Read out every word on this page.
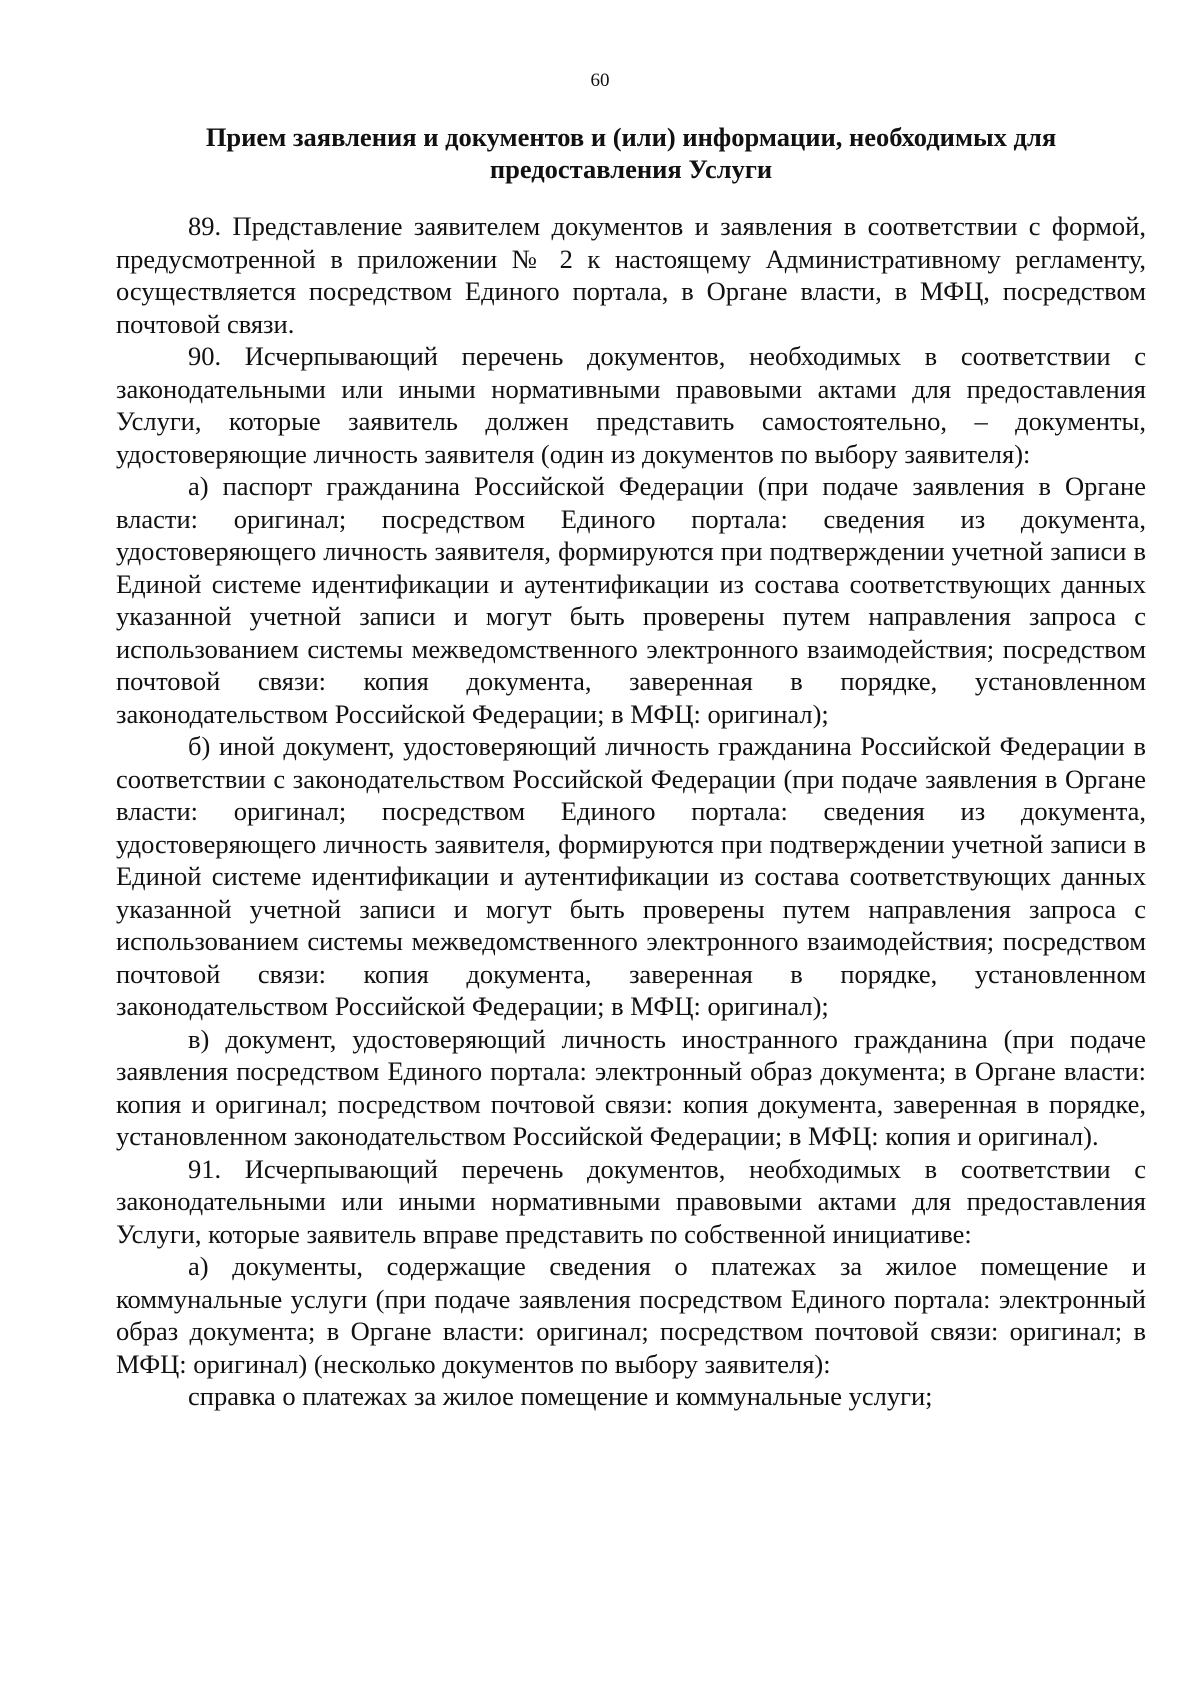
60
Прием заявления и документов и (или) информации, необходимых для
предоставления Услуги

89. Представление заявителем документов и заявления в соответствии с формой, предусмотренной в приложении № 2 к настоящему Административному регламенту, осуществляется посредством Единого портала, в Органе власти, в МФЦ, посредством почтовой связи.

90. Исчерпывающий перечень документов, необходимых в соответствии с законодательными или иными нормативными правовыми актами для предоставления Услуги, которые заявитель должен представить самостоятельно, – документы, удостоверяющие личность заявителя (один из документов по выбору заявителя):

а) паспорт гражданина Российской Федерации (при подаче заявления в Органе власти: оригинал; посредством Единого портала: сведения из документа, удостоверяющего личность заявителя, формируются при подтверждении учетной записи в Единой системе идентификации и аутентификации из состава соответствующих данных указанной учетной записи и могут быть проверены путем направления запроса с использованием системы межведомственного электронного взаимодействия; посредством почтовой связи: копия документа, заверенная в порядке, установленном законодательством Российской Федерации; в МФЦ: оригинал);

б) иной документ, удостоверяющий личность гражданина Российской Федерации в соответствии с законодательством Российской Федерации (при подаче заявления в Органе власти: оригинал; посредством Единого портала: сведения из документа, удостоверяющего личность заявителя, формируются при подтверждении учетной записи в Единой системе идентификации и аутентификации из состава соответствующих данных указанной учетной записи и могут быть проверены путем направления запроса с использованием системы межведомственного электронного взаимодействия; посредством почтовой связи: копия документа, заверенная в порядке, установленном законодательством Российской Федерации; в МФЦ: оригинал);

в) документ, удостоверяющий личность иностранного гражданина (при подаче заявления посредством Единого портала: электронный образ документа; в Органе власти: копия и оригинал; посредством почтовой связи: копия документа, заверенная в порядке, установленном законодательством Российской Федерации; в МФЦ: копия и оригинал).

91. Исчерпывающий перечень документов, необходимых в соответствии с законодательными или иными нормативными правовыми актами для предоставления Услуги, которые заявитель вправе представить по собственной инициативе:

а) документы, содержащие сведения о платежах за жилое помещение и коммунальные услуги (при подаче заявления посредством Единого портала: электронный образ документа; в Органе власти: оригинал; посредством почтовой связи: оригинал; в МФЦ: оригинал) (несколько документов по выбору заявителя):

справка о платежах за жилое помещение и коммунальные услуги;
